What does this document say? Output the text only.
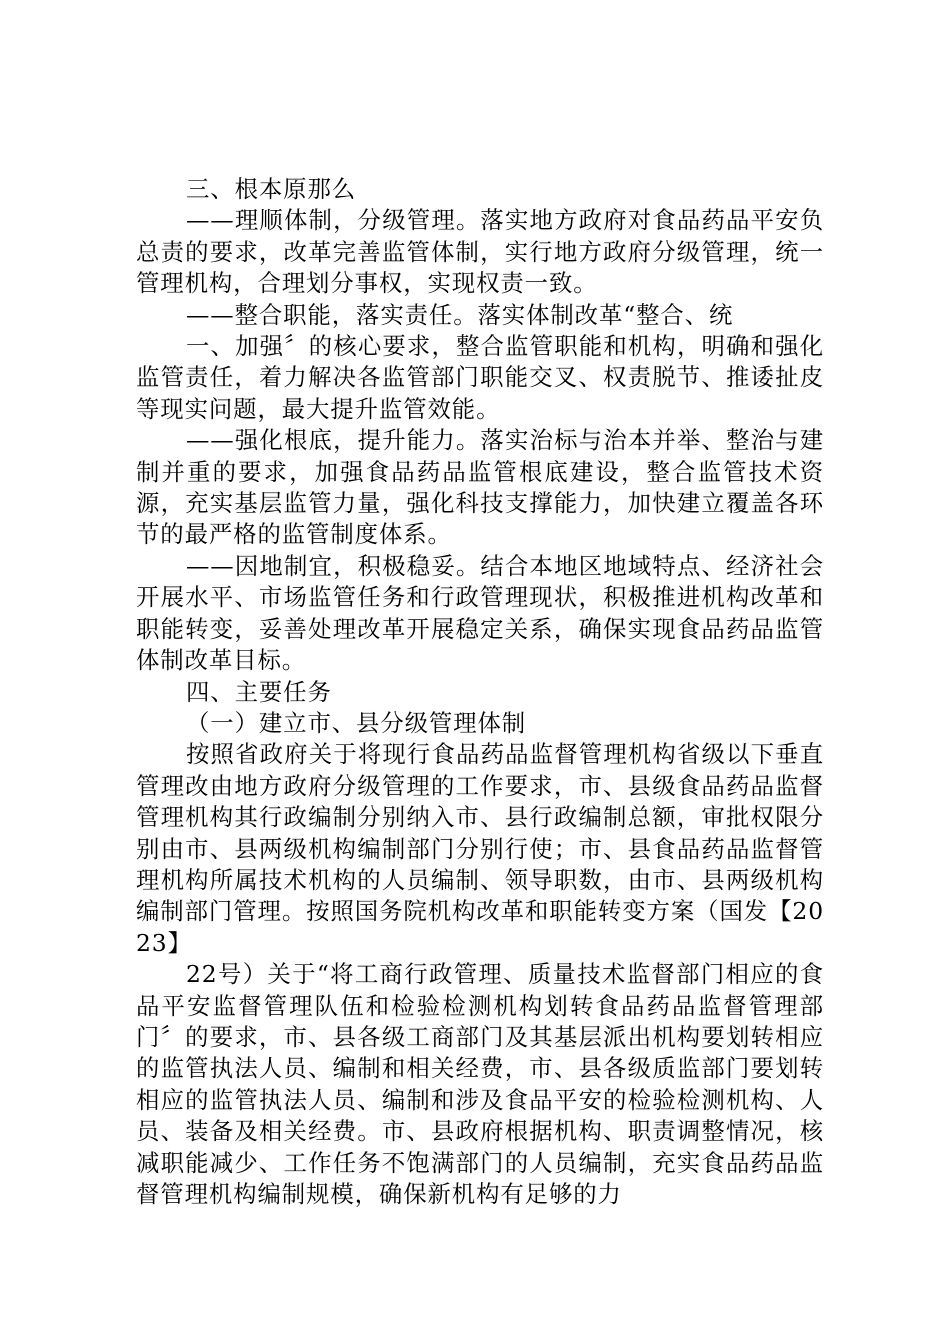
三、根本原那么

——理顺体制，分级管理。落实地方政府对食品药品平安负总责的要求，改革完善监管体制，实行地方政府分级管理，统一管理机构，合理划分事权，实现权责一致。

——整合职能，落实责任。落实体制改革“整合、统

一、加强〞的核心要求，整合监管职能和机构，明确和强化监管责任，着力解决各监管部门职能交叉、权责脱节、推诿扯皮等现实问题，最大提升监管效能。

——强化根底，提升能力。落实治标与治本并举、整治与建制并重的要求，加强食品药品监管根底建设，整合监管技术资源，充实基层监管力量，强化科技支撑能力，加快建立覆盖各环节的最严格的监管制度体系。

——因地制宜，积极稳妥。结合本地区地域特点、经济社会开展水平、市场监管任务和行政管理现状，积极推进机构改革和职能转变，妥善处理改革开展稳定关系，确保实现食品药品监管体制改革目标。

四、主要任务

（一）建立市、县分级管理体制

按照省政府关于将现行食品药品监督管理机构省级以下垂直管理改由地方政府分级管理的工作要求，市、县级食品药品监督管理机构其行政编制分别纳入市、县行政编制总额，审批权限分别由市、县两级机构编制部门分别行使；市、县食品药品监督管理机构所属技术机构的人员编制、领导职数，由市、县两级机构编制部门管理。按照国务院机构改革和职能转变方案（国发【2023】

22号）关于“将工商行政管理、质量技术监督部门相应的食品平安监督管理队伍和检验检测机构划转食品药品监督管理部门〞的要求，市、县各级工商部门及其基层派出机构要划转相应的监管执法人员、编制和相关经费，市、县各级质监部门要划转相应的监管执法人员、编制和涉及食品平安的检验检测机构、人员、装备及相关经费。市、县政府根据机构、职责调整情况，核减职能减少、工作任务不饱满部门的人员编制，充实食品药品监督管理机构编制规模，确保新机构有足够的力
